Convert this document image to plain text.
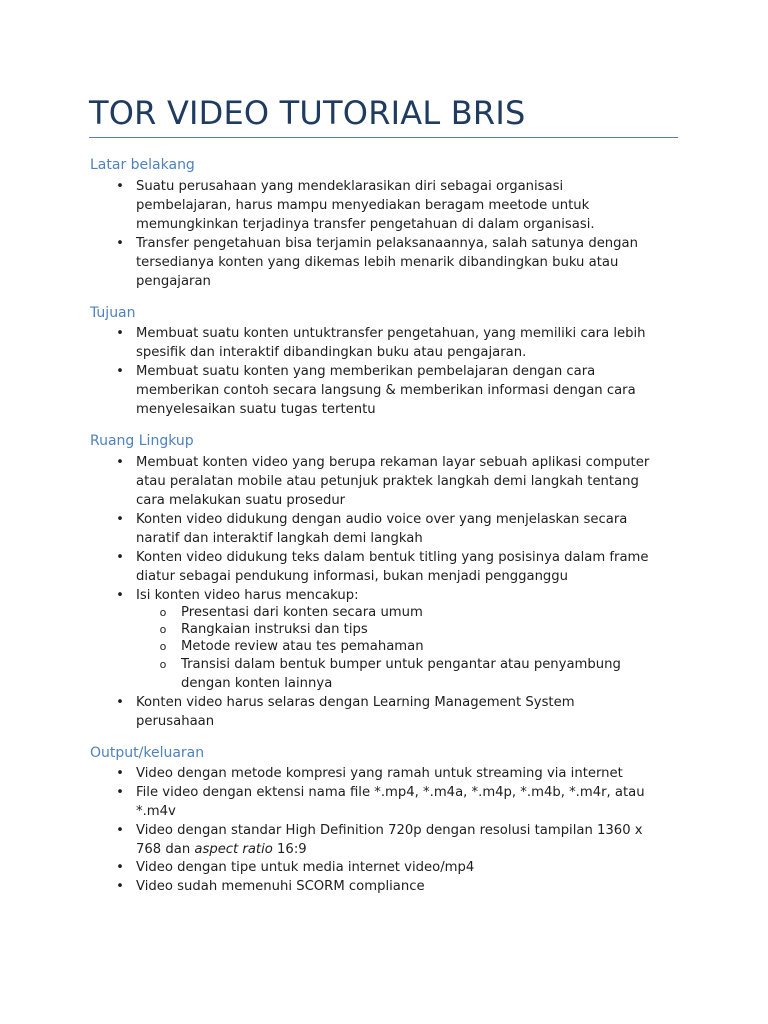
TOR VIDEO TUTORIAL BRIS
Latar belakang
• Suatu perusahaan yang mendeklarasikan diri sebagai organisasi
pembelajaran, harus mampu menyediakan beragam meetode untuk
memungkinkan terjadinya transfer pengetahuan di dalam organisasi.
• Transfer pengetahuan bisa terjamin pelaksanaannya, salah satunya dengan
tersedianya konten yang dikemas lebih menarik dibandingkan buku atau
pengajaran
Tujuan
• Membuat suatu konten untuktransfer pengetahuan, yang memiliki cara lebih
spesifik dan interaktif dibandingkan buku atau pengajaran.
• Membuat suatu konten yang memberikan pembelajaran dengan cara
memberikan contoh secara langsung & memberikan informasi dengan cara
menyelesaikan suatu tugas tertentu
Ruang Lingkup
• Membuat konten video yang berupa rekaman layar sebuah aplikasi computer
atau peralatan mobile atau petunjuk praktek langkah demi langkah tentang
cara melakukan suatu prosedur
• Konten video didukung dengan audio voice over yang menjelaskan secara
naratif dan interaktif langkah demi langkah
• Konten video didukung teks dalam bentuk titling yang posisinya dalam frame
diatur sebagai pendukung informasi, bukan menjadi pengganggu
• Isi konten video harus mencakup:
o Presentasi dari konten secara umum
o Rangkaian instruksi dan tips
o Metode review atau tes pemahaman
o Transisi dalam bentuk bumper untuk pengantar atau penyambung
dengan konten lainnya
• Konten video harus selaras dengan Learning Management System
perusahaan
Output/keluaran
• Video dengan metode kompresi yang ramah untuk streaming via internet
• File video dengan ektensi nama file *.mp4, *.m4a, *.m4p, *.m4b, *.m4r, atau
*.m4v
• Video dengan standar High Definition 720p dengan resolusi tampilan 1360 x
768 dan aspect ratio 16:9
• Video dengan tipe untuk media internet video/mp4
• Video sudah memenuhi SCORM compliance
